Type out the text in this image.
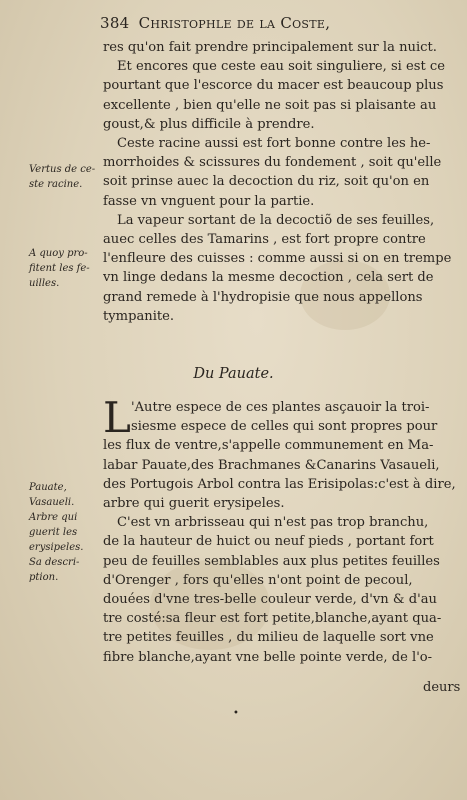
384 Christophle de la Coste,
res qu'on fait prendre principalement sur la nuict.
Et encores que ceste eau soit singuliere, si est ce
pourtant que l'escorce du macer est beaucoup plus
excellente , bien qu'elle ne soit pas si plaisante au
goust,& plus difficile à prendre.
Ceste racine aussi est fort bonne contre les he-
morrhoides & scissures du fondement , soit qu'elle
soit prinse auec la decoction du riz, soit qu'on en
fasse vn vnguent pour la partie.
La vapeur sortant de la decoctiõ de ses feuilles,
auec celles des Tamarins , est fort propre contre
l'enfleure des cuisses : comme aussi si on en trempe
vn linge dedans la mesme decoction , cela sert de
grand remede à l'hydropisie que nous appellons
tympanite.
Vertus de ce-
ste racine.
A quoy pro-
fitent les fe-
uilles.
Du Pauate.
L 'Autre espece de ces plantes asçauoir la troi-
siesme espece de celles qui sont propres pour
les flux de ventre,s'appelle communement en Ma-
labar Pauate,des Brachmanes &Canarins Vasaueli,
des Portugois Arbol contra las Erisipolas:c'est à dire,
arbre qui guerit erysipeles.
C'est vn arbrisseau qui n'est pas trop branchu,
de la hauteur de huict ou neuf pieds , portant fort
peu de feuilles semblables aux plus petites feuilles
d'Orenger , fors qu'elles n'ont point de pecoul,
douées d'vne tres-belle couleur verde, d'vn & d'au
tre costé:sa fleur est fort petite,blanche,ayant qua-
tre petites feuilles , du milieu de laquelle sort vne
fibre blanche,ayant vne belle pointe verde, de l'o-
Pauate,
Vasaueli.
Arbre qui
guerit les
erysipeles.
Sa descri-
ption.
deurs
•
